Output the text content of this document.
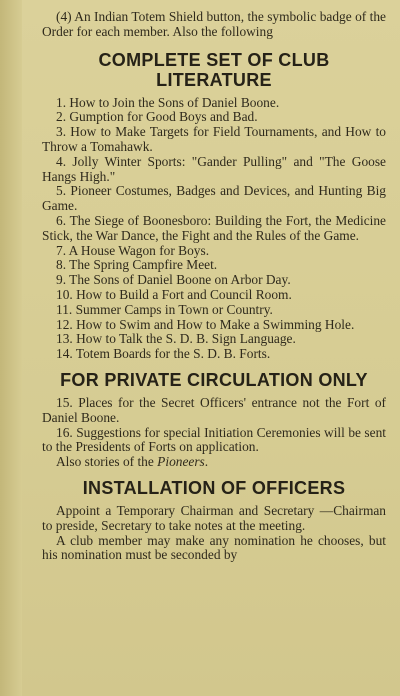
(4) An Indian Totem Shield button, the symbolic badge of the Order for each member. Also the following

COMPLETE SET OF CLUB
LITERATURE

1. How to Join the Sons of Daniel Boone.

2. Gumption for Good Boys and Bad.

3. How to Make Targets for Field Tournaments, and How to Throw a Tomahawk.

4. Jolly Winter Sports: "Gander Pulling" and "The Goose Hangs High."

5. Pioneer Costumes, Badges and Devices, and Hunting Big Game.

6. The Siege of Boonesboro: Building the Fort, the Medicine Stick, the War Dance, the Fight and the Rules of the Game.

7. A House Wagon for Boys.

8. The Spring Campfire Meet.

9. The Sons of Daniel Boone on Arbor Day.

10. How to Build a Fort and Council Room.

11. Summer Camps in Town or Country.

12. How to Swim and How to Make a Swimming Hole.

13. How to Talk the S. D. B. Sign Language.

14. Totem Boards for the S. D. B. Forts.

FOR PRIVATE CIRCULATION ONLY

15. Places for the Secret Officers' entrance not the Fort of Daniel Boone.

16. Suggestions for special Initiation Ceremonies will be sent to the Presidents of Forts on application.

Also stories of the Pioneers.

INSTALLATION OF OFFICERS

Appoint a Temporary Chairman and Secretary —Chairman to preside, Secretary to take notes at the meeting.

A club member may make any nomination he chooses, but his nomination must be seconded by
